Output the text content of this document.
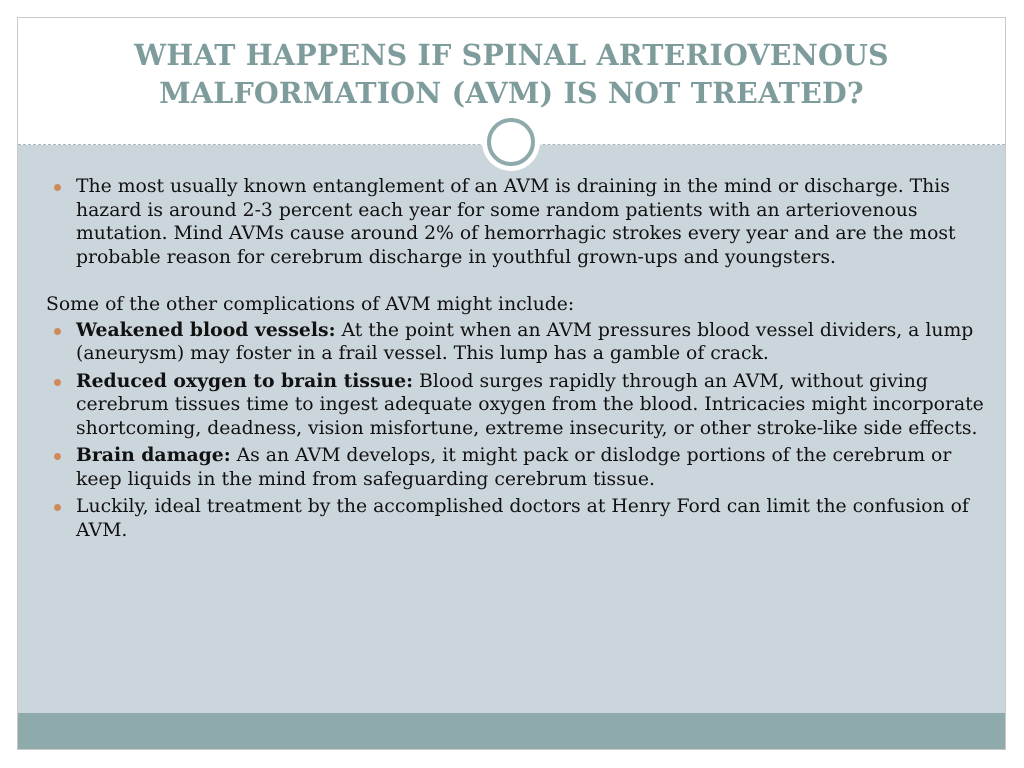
WHAT HAPPENS IF SPINAL ARTERIOVENOUS MALFORMATION (AVM) IS NOT TREATED?

The most usually known entanglement of an AVM is draining in the mind or discharge. This hazard is around 2-3 percent each year for some random patients with an arteriovenous mutation. Mind AVMs cause around 2% of hemorrhagic strokes every year and are the most probable reason for cerebrum discharge in youthful grown-ups and youngsters.

Some of the other complications of AVM might include:

Weakened blood vessels: At the point when an AVM pressures blood vessel dividers, a lump (aneurysm) may foster in a frail vessel. This lump has a gamble of crack.

Reduced oxygen to brain tissue: Blood surges rapidly through an AVM, without giving cerebrum tissues time to ingest adequate oxygen from the blood. Intricacies might incorporate shortcoming, deadness, vision misfortune, extreme insecurity, or other stroke-like side effects.

Brain damage: As an AVM develops, it might pack or dislodge portions of the cerebrum or keep liquids in the mind from safeguarding cerebrum tissue.

Luckily, ideal treatment by the accomplished doctors at Henry Ford can limit the confusion of AVM.
